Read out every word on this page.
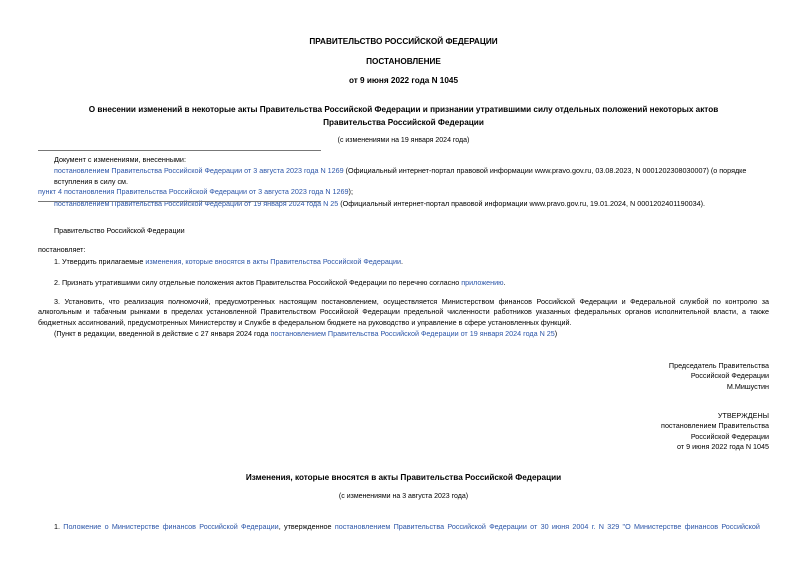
ПРАВИТЕЛЬСТВО РОССИЙСКОЙ ФЕДЕРАЦИИ
ПОСТАНОВЛЕНИЕ
от 9 июня 2022 года N 1045
О внесении изменений в некоторые акты Правительства Российской Федерации и признании утратившими силу отдельных положений некоторых актов
Правительства Российской Федерации
(с изменениями на 19 января 2024 года)

Документ с изменениями, внесенными:

постановлением Правительства Российской Федерации от 3 августа 2023 года N 1269 (Официальный интернет-портал правовой информации www.pravo.gov.ru, 03.08.2023, N 0001202308030007) (о порядке вступления в силу см.

пункт 4 постановления Правительства Российской Федерации от 3 августа 2023 года N 1269);

постановлением Правительства Российской Федерации от 19 января 2024 года N 25 (Официальный интернет-портал правовой информации www.pravo.gov.ru, 19.01.2024, N 0001202401190034).

Правительство Российской Федерации
постановляет:
1. Утвердить прилагаемые изменения, которые вносятся в акты Правительства Российской Федерации.
2. Признать утратившими силу отдельные положения актов Правительства Российской Федерации по перечню согласно приложению.
3. Установить, что реализация полномочий, предусмотренных настоящим постановлением, осуществляется Министерством финансов Российской Федерации и Федеральной службой по контролю за алкогольным и табачным рынками в пределах установленной Правительством Российской Федерации предельной численности работников указанных федеральных органов исполнительной власти, а также бюджетных ассигнований, предусмотренных Министерству и Службе в федеральном бюджете на руководство и управление в сфере установленных функций.
(Пункт в редакции, введенной в действие с 27 января 2024 года постановлением Правительства Российской Федерации от 19 января 2024 года N 25)

Председатель Правительства

Российской Федерации

М.Мишустин

УТВЕРЖДЕНЫ

постановлением Правительства

Российской Федерации

от 9 июня 2022 года N 1045

Изменения, которые вносятся в акты Правительства Российской Федерации
(с изменениями на 3 августа 2023 года)
1. Положение о Министерстве финансов Российской Федерации, утвержденное постановлением Правительства Российской Федерации от 30 июня 2004 г. N 329 "О Министерстве финансов Российской
